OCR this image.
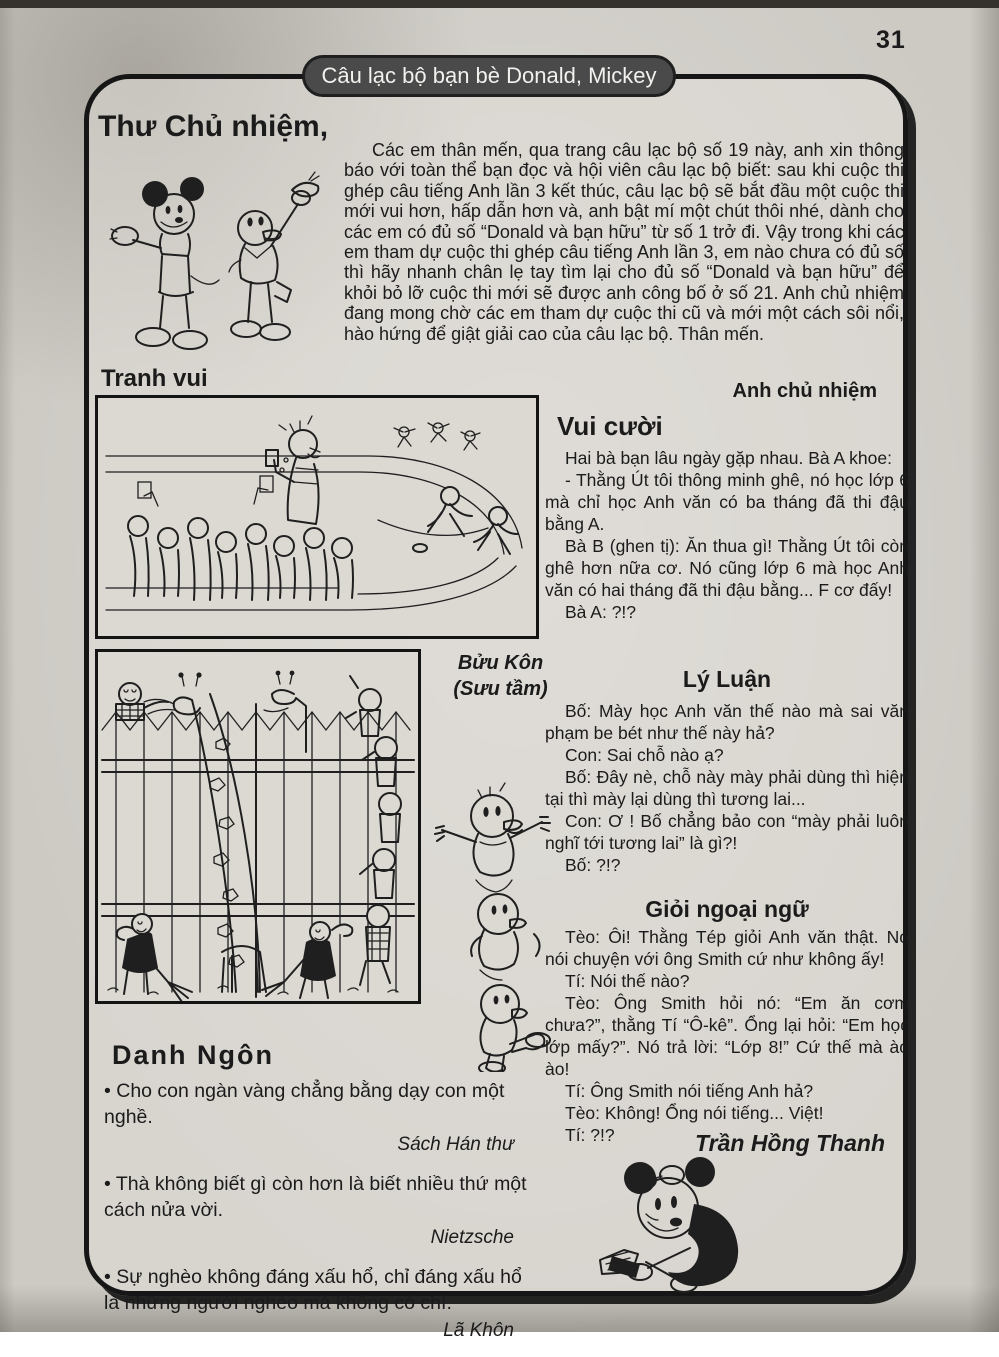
31
Câu lạc bộ bạn bè Donald, Mickey
Thư Chủ nhiệm,
Các em thân mến, qua trang câu lạc bộ số 19 này, anh xin thông báo với toàn thể bạn đọc và hội viên câu lạc bộ biết: sau khi cuộc thi ghép câu tiếng Anh lần 3 kết thúc, câu lạc bộ sẽ bắt đầu một cuộc thi mới vui hơn, hấp dẫn hơn và, anh bật mí một chút thôi nhé, dành cho các em có đủ số “Donald và bạn hữu” từ số 1 trở đi. Vậy trong khi các em tham dự cuộc thi ghép câu tiếng Anh lần 3, em nào chưa có đủ số thì hãy nhanh chân lẹ tay tìm lại cho đủ số “Donald và bạn hữu” để khỏi bỏ lỡ cuộc thi mới sẽ được anh công bố ở số 21. Anh chủ nhiệm đang mong chờ các em tham dự cuộc thi cũ và mới một cách sôi nổi, hào hứng để giật giải cao của câu lạc bộ. Thân mến.
Anh chủ nhiệm
Tranh vui
Vui cười

Hai bà bạn lâu ngày gặp nhau. Bà A khoe:

- Thằng Út tôi thông minh ghê, nó học lớp 6 mà chỉ học Anh văn có ba tháng đã thi đậu bằng A.

Bà B (ghen tị): Ăn thua gì! Thằng Út tôi còn ghê hơn nữa cơ. Nó cũng lớp 6 mà học Anh văn có hai tháng đã thi đậu bằng... F cơ đấy!

Bà A: ?!?

Bửu Kôn
(Sưu tầm)	Lý Luận

Bố: Mày học Anh văn thế nào mà sai văn phạm be bét như thế này hả?

Con: Sai chỗ nào ạ?

Bố: Đây nè, chỗ này mày phải dùng thì hiện tại thì mày lại dùng thì tương lai...

Con: Ơ ! Bố chẳng bảo con “mày phải luôn nghĩ tới tương lai” là gì?!

Bố: ?!?

Giỏi ngoại ngữ

Tèo: Ôi! Thằng Tép giỏi Anh văn thật. Nó nói chuyện với ông Smith cứ như không ấy!

Tí: Nói thế nào?

Tèo: Ông Smith hỏi nó: “Em ăn cơm chưa?”, thằng Tí “Ô-kê”. Ổng lại hỏi: “Em học lớp mấy?”. Nó trả lời: “Lớp 8!” Cứ thế mà ào ào!

Tí: Ông Smith nói tiếng Anh hả?

Tèo: Không! Ổng nói tiếng... Việt!

Tí: ?!?	Trần Hồng Thanh
Danh Ngôn

• Cho con ngàn vàng chẳng bằng dạy con một nghề.

Sách Hán thư

• Thà không biết gì còn hơn là biết nhiều thứ một cách nửa vời.

Nietzsche

• Sự nghèo không đáng xấu hổ, chỉ đáng xấu hổ là những người nghèo mà không có chí.

Lã Khôn
